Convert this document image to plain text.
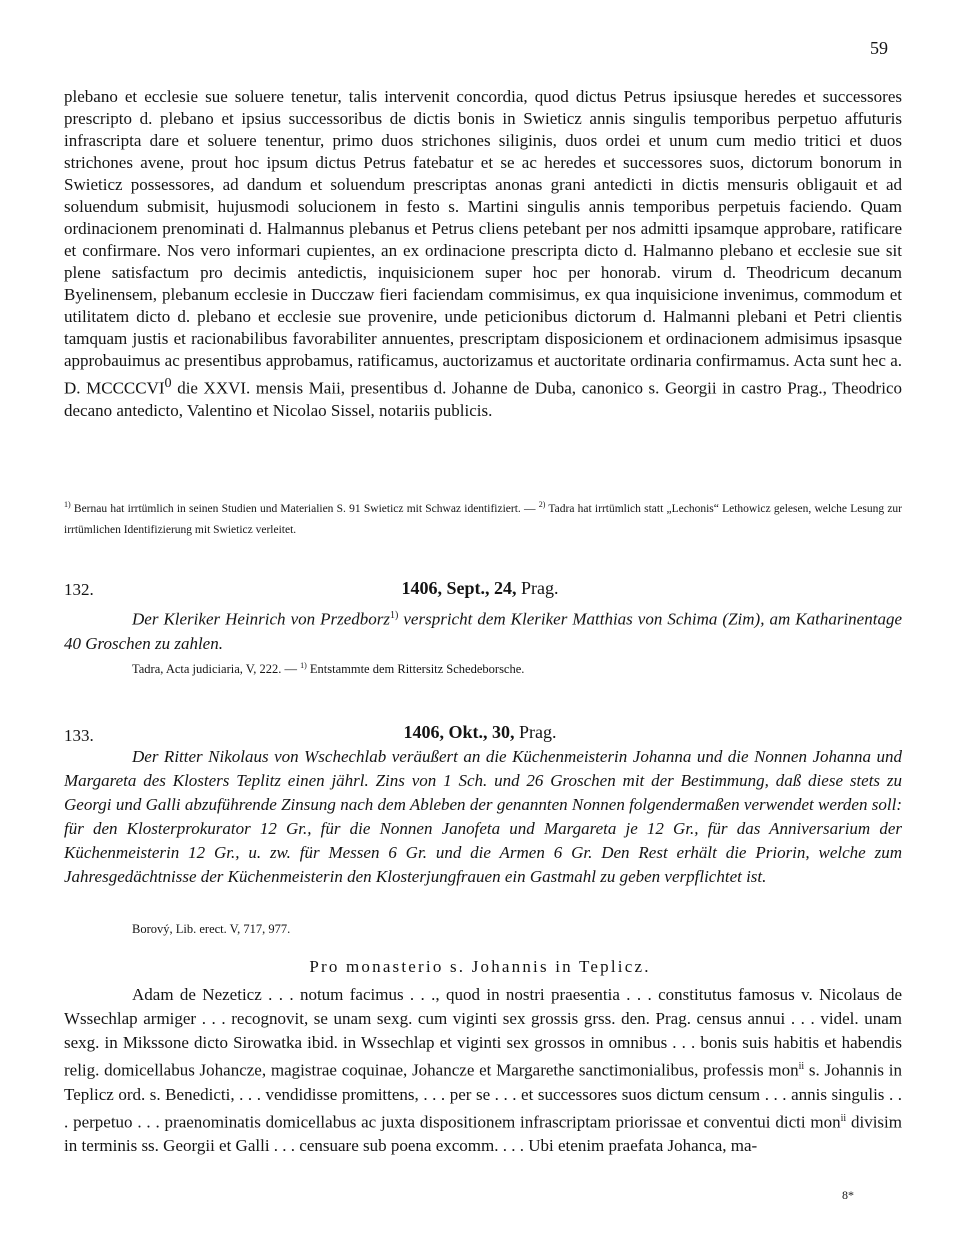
59

plebano et ecclesie sue soluere tenetur, talis intervenit concordia, quod dictus Petrus ipsiusque heredes et successores prescripto d. plebano et ipsius successoribus de dictis bonis in Swieticz annis singulis temporibus perpetuo affuturis infrascripta dare et soluere tenentur, primo duos strichones siliginis, duos ordei et unum cum medio tritici et duos strichones avene, prout hoc ipsum dictus Petrus fatebatur et se ac heredes et successores suos, dictorum bonorum in Swieticz possessores, ad dandum et soluendum prescriptas anonas grani antedicti in dictis mensuris obligauit et ad soluendum submisit, hujusmodi solucionem in festo s. Martini singulis annis temporibus perpetuis faciendo. Quam ordinacionem prenominati d. Halmannus plebanus et Petrus cliens petebant per nos admitti ipsamque approbare, ratificare et confirmare. Nos vero informari cupientes, an ex ordinacione prescripta dicto d. Halmanno plebano et ecclesie sue sit plene satisfactum pro decimis antedictis, inquisicionem super hoc per honorab. virum d. Theodricum decanum Byelinensem, plebanum ecclesie in Ducczaw fieri faciendam commisimus, ex qua inquisicione invenimus, commodum et utilitatem dicto d. plebano et ecclesie sue provenire, unde peticionibus dictorum d. Halmanni plebani et Petri clientis tamquam justis et racionabilibus favorabiliter annuentes, prescriptam disposicionem et ordinacionem admisimus ipsasque approbauimus ac presentibus approbamus, ratificamus, auctorizamus et auctoritate ordinaria confirmamus. Acta sunt hec a. D. MCCCCVI$^0$ die XXVI. mensis Maii, presentibus d. Johanne de Duba, canonico s. Georgii in castro Prag., Theodrico decano antedicto, Valentino et Nicolao Sissel, notariis publicis.

$^{1)}$ Bernau hat irrtümlich in seinen Studien und Materialien S. 91 Swieticz mit Schwaz identifiziert. — $^{2)}$ Tadra hat irrtümlich statt „Lechonis“ Lethowicz gelesen, welche Lesung zur irrtümlichen Identifizierung mit Swieticz verleitet.

132.	1406, Sept., 24, Prag.

Der Kleriker Heinrich von Przedborz$^{1)}$ verspricht dem Kleriker Matthias von Schima (Zim), am Katharinentage 40 Groschen zu zahlen.

Tadra, Acta judiciaria, V, 222. — $^{1)}$ Entstammte dem Rittersitz Schedeborsche.
133.	1406, Okt., 30, Prag.

Der Ritter Nikolaus von Wschechlab veräußert an die Küchenmeisterin Johanna und die Nonnen Johanna und Margareta des Klosters Teplitz einen jährl. Zins von 1 Sch. und 26 Groschen mit der Bestimmung, daß diese stets zu Georgi und Galli abzuführende Zinsung nach dem Ableben der genannten Nonnen folgendermaßen verwendet werden soll: für den Klosterprokurator 12 Gr., für die Nonnen Janofeta und Margareta je 12 Gr., für das Anniversarium der Küchenmeisterin 12 Gr., u. zw. für Messen 6 Gr. und die Armen 6 Gr. Den Rest erhält die Priorin, welche zum Jahresgedächtnisse der Küchenmeisterin den Klosterjungfrauen ein Gastmahl zu geben verpflichtet ist.

Borový, Lib. erect. V, 717, 977.
Pro monasterio s. Johannis in Teplicz.

Adam de Nezeticz . . . notum facimus . . ., quod in nostri praesentia . . . constitutus famosus v. Nicolaus de Wssechlap armiger . . . recognovit, se unam sexg. cum viginti sex grossis grss. den. Prag. census annui . . . videl. unam sexg. in Mikssone dicto Sirowatka ibid. in Wssechlap et viginti sex grossos in omnibus . . . bonis suis habitis et habendis relig. domicellabus Johancze, magistrae coquinae, Johancze et Margarethe sanctimonialibus, professis mon$^{ii}$ s. Johannis in Teplicz ord. s. Benedicti, . . . vendidisse promittens, . . . per se . . . et successores suos dictum censum . . . annis singulis . . . perpetuo . . . praenominatis domicellabus ac juxta dispositionem infrascriptam priorissae et conventui dicti mon$^{ii}$ divisim in terminis ss. Georgii et Galli . . . censuare sub poena excomm. . . . Ubi etenim praefata Johanca, ma-

8*
